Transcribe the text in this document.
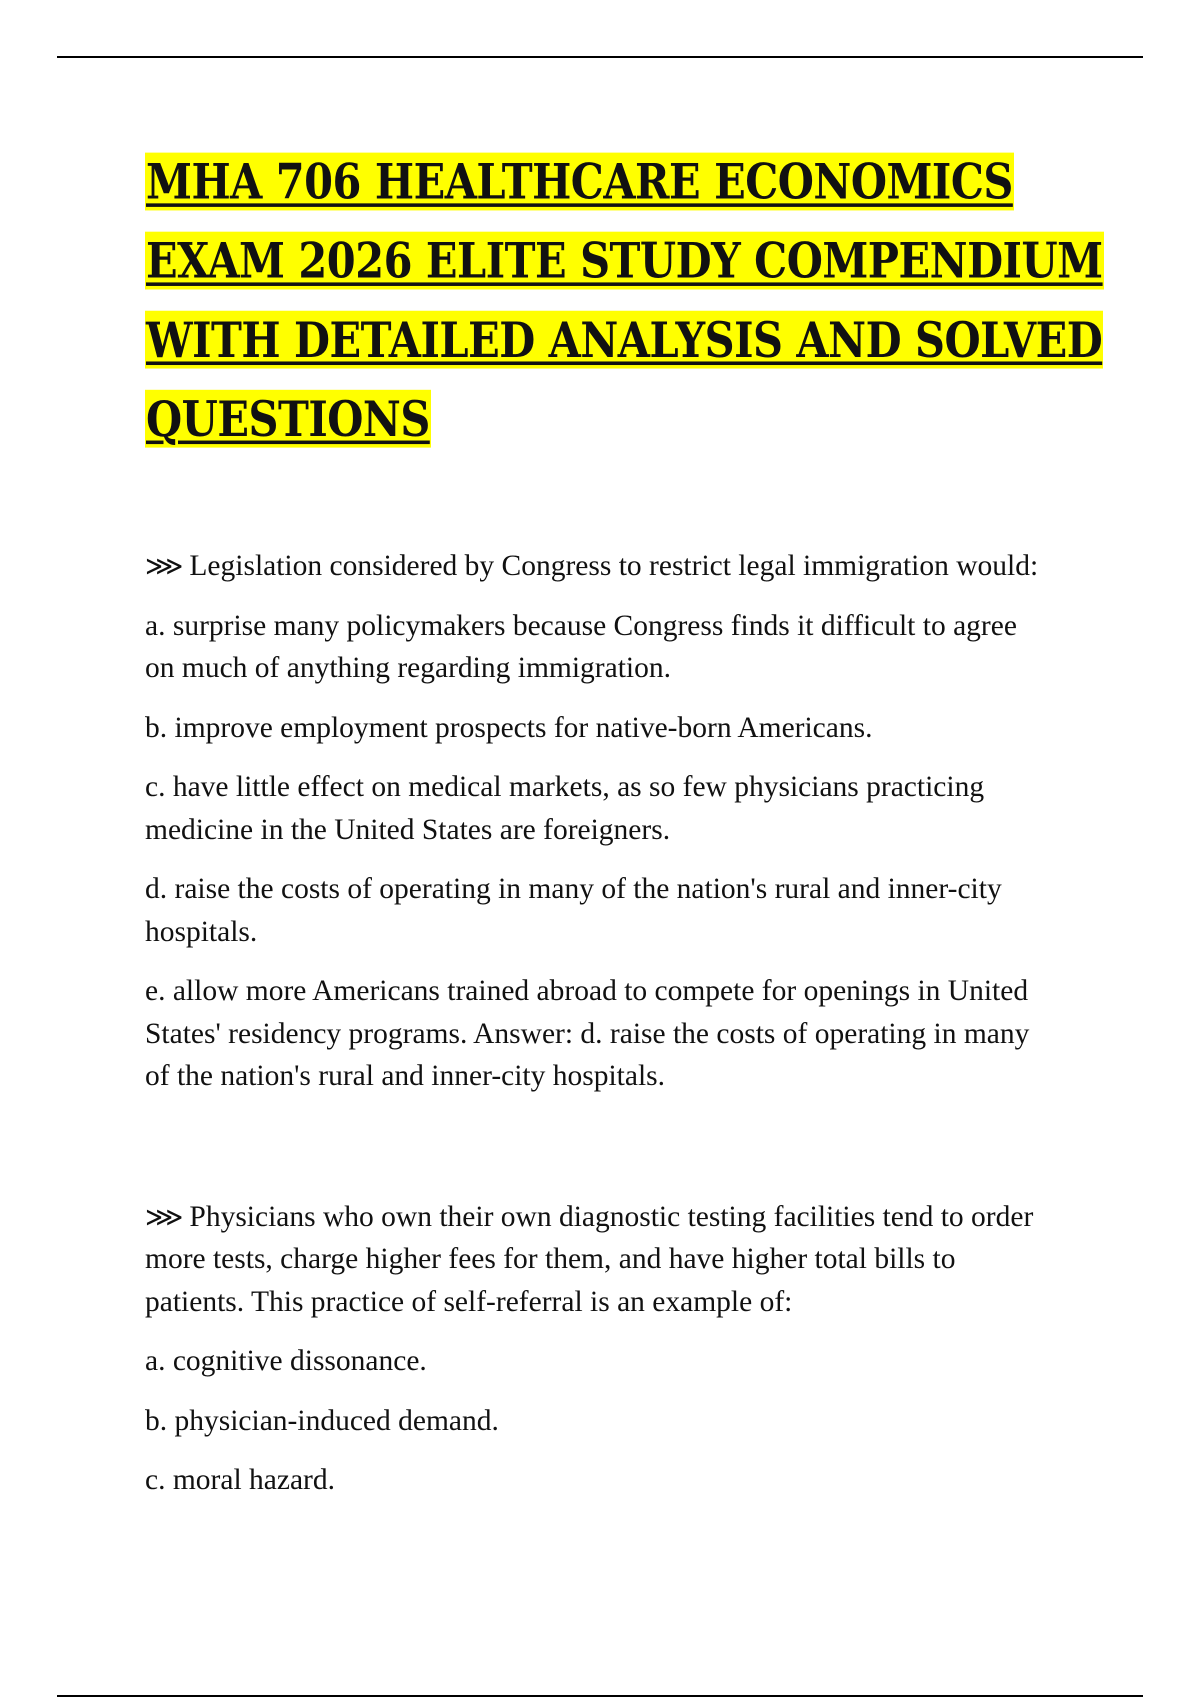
MHA 706 HEALTHCARE ECONOMICS EXAM 2026 ELITE STUDY COMPENDIUM WITH DETAILED ANALYSIS AND SOLVED QUESTIONS

⋙ Legislation considered by Congress to restrict legal immigration would:

a. surprise many policymakers because Congress finds it difficult to agree on much of anything regarding immigration.

b. improve employment prospects for native-born Americans.

c. have little effect on medical markets, as so few physicians practicing medicine in the United States are foreigners.

d. raise the costs of operating in many of the nation's rural and inner-city hospitals.

e. allow more Americans trained abroad to compete for openings in United States' residency programs. Answer: d. raise the costs of operating in many of the nation's rural and inner-city hospitals.

⋙ Physicians who own their own diagnostic testing facilities tend to order more tests, charge higher fees for them, and have higher total bills to patients. This practice of self-referral is an example of:

a. cognitive dissonance.

b. physician-induced demand.

c. moral hazard.
